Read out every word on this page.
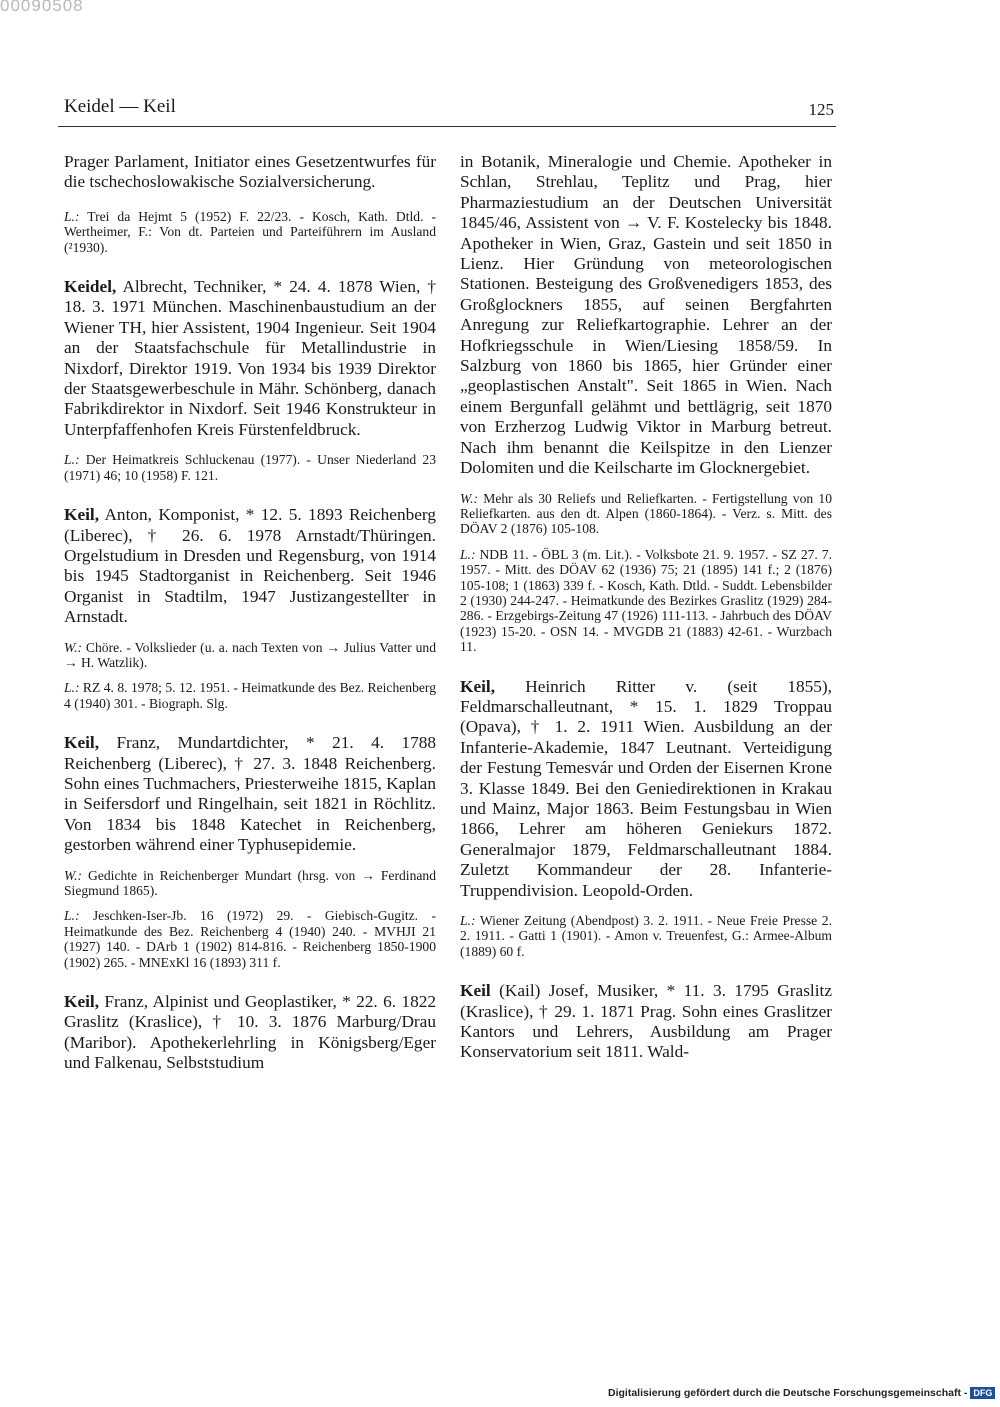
00090508
Keidel — Keil	125

Prager Parlament, Initiator eines Gesetzentwurfes für die tschechoslowakische Sozialversicherung.

L.: Trei da Hejmt 5 (1952) F. 22/23. - Kosch, Kath. Dtld. - Wertheimer, F.: Von dt. Parteien und Parteiführern im Ausland (²1930).

Keidel, Albrecht, Techniker, * 24. 4. 1878 Wien, † 18. 3. 1971 München. Maschinenbaustudium an der Wiener TH, hier Assistent, 1904 Ingenieur. Seit 1904 an der Staatsfachschule für Metallindustrie in Nixdorf, Direktor 1919. Von 1934 bis 1939 Direktor der Staatsgewerbeschule in Mähr. Schönberg, danach Fabrikdirektor in Nixdorf. Seit 1946 Konstrukteur in Unterpfaffenhofen Kreis Fürstenfeldbruck.

L.: Der Heimatkreis Schluckenau (1977). - Unser Niederland 23 (1971) 46; 10 (1958) F. 121.

Keil, Anton, Komponist, * 12. 5. 1893 Reichenberg (Liberec), † 26. 6. 1978 Arnstadt/Thüringen. Orgelstudium in Dresden und Regensburg, von 1914 bis 1945 Stadtorganist in Reichenberg. Seit 1946 Organist in Stadtilm, 1947 Justizangestellter in Arnstadt.

W.: Chöre. - Volkslieder (u. a. nach Texten von → Julius Vatter und → H. Watzlik).

L.: RZ 4. 8. 1978; 5. 12. 1951. - Heimatkunde des Bez. Reichenberg 4 (1940) 301. - Biograph. Slg.

Keil, Franz, Mundartdichter, * 21. 4. 1788 Reichenberg (Liberec), † 27. 3. 1848 Reichenberg. Sohn eines Tuchmachers, Priesterweihe 1815, Kaplan in Seifersdorf und Ringelhain, seit 1821 in Röchlitz. Von 1834 bis 1848 Katechet in Reichenberg, gestorben während einer Typhusepidemie.

W.: Gedichte in Reichenberger Mundart (hrsg. von → Ferdinand Siegmund 1865).

L.: Jeschken-Iser-Jb. 16 (1972) 29. - Giebisch-Gugitz. - Heimatkunde des Bez. Reichenberg 4 (1940) 240. - MVHJI 21 (1927) 140. - DArb 1 (1902) 814-816. - Reichenberg 1850-1900 (1902) 265. - MNExKl 16 (1893) 311 f.

Keil, Franz, Alpinist und Geoplastiker, * 22. 6. 1822 Graslitz (Kraslice), † 10. 3. 1876 Marburg/Drau (Maribor). Apothekerlehrling in Königsberg/Eger und Falkenau, Selbststudium

in Botanik, Mineralogie und Chemie. Apotheker in Schlan, Strehlau, Teplitz und Prag, hier Pharmaziestudium an der Deutschen Universität 1845/46, Assistent von → V. F. Kostelecky bis 1848. Apotheker in Wien, Graz, Gastein und seit 1850 in Lienz. Hier Gründung von meteorologischen Stationen. Besteigung des Großvenedigers 1853, des Großglockners 1855, auf seinen Bergfahrten Anregung zur Reliefkartographie. Lehrer an der Hofkriegsschule in Wien/Liesing 1858/59. In Salzburg von 1860 bis 1865, hier Gründer einer „geoplastischen Anstalt". Seit 1865 in Wien. Nach einem Bergunfall gelähmt und bettlägrig, seit 1870 von Erzherzog Ludwig Viktor in Marburg betreut. Nach ihm benannt die Keilspitze in den Lienzer Dolomiten und die Keilscharte im Glocknergebiet.

W.: Mehr als 30 Reliefs und Reliefkarten. - Fertigstellung von 10 Reliefkarten. aus den dt. Alpen (1860-1864). - Verz. s. Mitt. des DÖAV 2 (1876) 105-108.

L.: NDB 11. - ÖBL 3 (m. Lit.). - Volksbote 21. 9. 1957. - SZ 27. 7. 1957. - Mitt. des DÖAV 62 (1936) 75; 21 (1895) 141 f.; 2 (1876) 105-108; 1 (1863) 339 f. - Kosch, Kath. Dtld. - Suddt. Lebensbilder 2 (1930) 244-247. - Heimatkunde des Bezirkes Graslitz (1929) 284-286. - Erzgebirgs-Zeitung 47 (1926) 111-113. - Jahrbuch des DÖAV (1923) 15-20. - OSN 14. - MVGDB 21 (1883) 42-61. - Wurzbach 11.

Keil, Heinrich Ritter v. (seit 1855), Feldmarschalleutnant, * 15. 1. 1829 Troppau (Opava), † 1. 2. 1911 Wien. Ausbildung an der Infanterie-Akademie, 1847 Leutnant. Verteidigung der Festung Temesvár und Orden der Eisernen Krone 3. Klasse 1849. Bei den Geniedirektionen in Krakau und Mainz, Major 1863. Beim Festungsbau in Wien 1866, Lehrer am höheren Geniekurs 1872. Generalmajor 1879, Feldmarschalleutnant 1884. Zuletzt Kommandeur der 28. Infanterie-Truppendivision. Leopold-Orden.

L.: Wiener Zeitung (Abendpost) 3. 2. 1911. - Neue Freie Presse 2. 2. 1911. - Gatti 1 (1901). - Amon v. Treuenfest, G.: Armee-Album (1889) 60 f.

Keil (Kail) Josef, Musiker, * 11. 3. 1795 Graslitz (Kraslice), † 29. 1. 1871 Prag. Sohn eines Graslitzer Kantors und Lehrers, Ausbildung am Prager Konservatorium seit 1811. Wald-

Digitalisierung gefördert durch die Deutsche Forschungsgemeinschaft - DFG
